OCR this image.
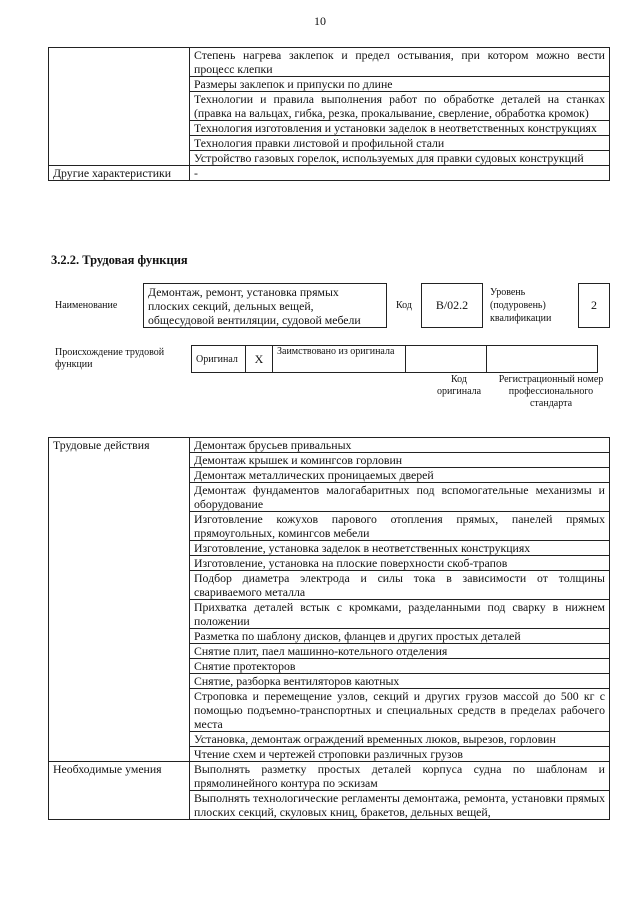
10
	Степень нагрева заклепок и предел остывания, при котором можно вести процесс клепки
	Размеры заклепок и припуски по длине
	Технологии и правила выполнения работ по обработке деталей на станках (правка на вальцах, гибка, резка, прокалывание, сверление, обработка кромок)
	Технология изготовления и установки заделок в неответственных конструкциях
	Технология правки листовой и профильной стали
	Устройство газовых горелок, используемых для правки судовых конструкций
Другие характеристики	-
3.2.2. Трудовая функция
Наименование
Демонтаж, ремонт, установка прямых плоских секций, дельных вещей, общесудовой вентиляции, судовой мебели
Код	В/02.2
Уровень (подуровень) квалификации
2
Происхождение трудовой функции	Оригинал	X	Заимствовано из оригинала		
Код оригинала
Регистрационный номер профессионального стандарта
Трудовые действия	Демонтаж брусьев привальных
	Демонтаж крышек и комингсов горловин
	Демонтаж металлических проницаемых дверей
	Демонтаж фундаментов малогабаритных под вспомогательные механизмы и оборудование
	Изготовление кожухов парового отопления прямых, панелей прямых прямоугольных, комингсов мебели
	Изготовление, установка заделок в неответственных конструкциях
	Изготовление, установка на плоские поверхности скоб-трапов
	Подбор диаметра электрода и силы тока в зависимости от толщины свариваемого металла
	Прихватка деталей встык с кромками, разделанными под сварку в нижнем положении
	Разметка по шаблону дисков, фланцев и других простых деталей
	Снятие плит, паел машинно-котельного отделения
	Снятие протекторов
	Снятие, разборка вентиляторов каютных
	Строповка и перемещение узлов, секций и других грузов массой до 500 кг с помощью подъемно-транспортных и специальных средств в пределах рабочего места
	Установка, демонтаж ограждений временных люков, вырезов, горловин
	Чтение схем и чертежей строповки различных грузов
Необходимые умения	Выполнять разметку простых деталей корпуса судна по шаблонам и прямолинейного контура по эскизам
	Выполнять технологические регламенты демонтажа, ремонта, установки прямых плоских секций, скуловых книц, бракетов, дельных вещей,
